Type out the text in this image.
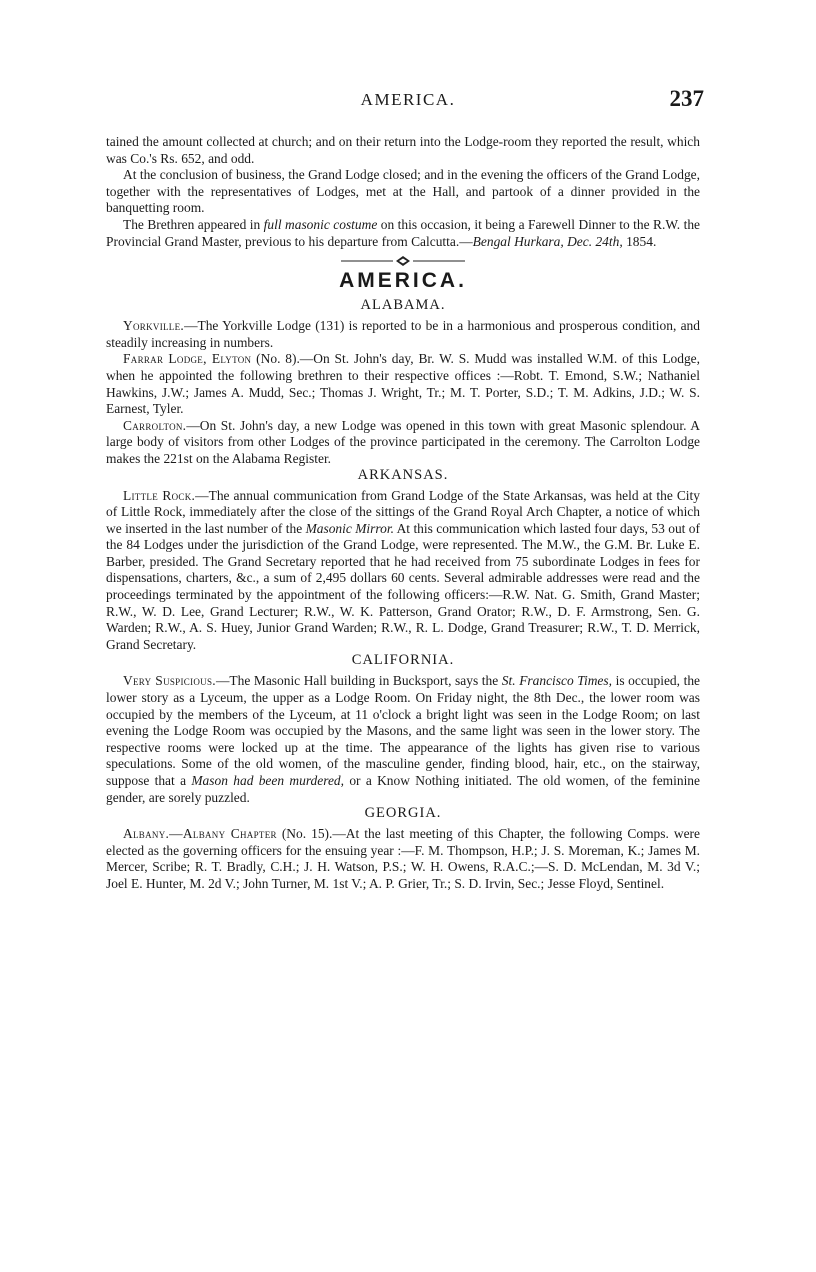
AMERICA.	237

tained the amount collected at church; and on their return into the Lodge-room they reported the result, which was Co.'s Rs. 652, and odd.

At the conclusion of business, the Grand Lodge closed; and in the evening the officers of the Grand Lodge, together with the representatives of Lodges, met at the Hall, and partook of a dinner provided in the banquetting room.

The Brethren appeared in full masonic costume on this occasion, it being a Farewell Dinner to the R.W. the Provincial Grand Master, previous to his departure from Calcutta.—Bengal Hurkara, Dec. 24th, 1854.

AMERICA.
ALABAMA.

Yorkville.—The Yorkville Lodge (131) is reported to be in a harmonious and prosperous condition, and steadily increasing in numbers.

Farrar Lodge, Elyton (No. 8).—On St. John's day, Br. W. S. Mudd was installed W.M. of this Lodge, when he appointed the following brethren to their respective offices :—Robt. T. Emond, S.W.; Nathaniel Hawkins, J.W.; James A. Mudd, Sec.; Thomas J. Wright, Tr.; M. T. Porter, S.D.; T. M. Adkins, J.D.; W. S. Earnest, Tyler.

Carrolton.—On St. John's day, a new Lodge was opened in this town with great Masonic splendour. A large body of visitors from other Lodges of the province participated in the ceremony. The Carrolton Lodge makes the 221st on the Alabama Register.

ARKANSAS.

Little Rock.—The annual communication from Grand Lodge of the State Arkansas, was held at the City of Little Rock, immediately after the close of the sittings of the Grand Royal Arch Chapter, a notice of which we inserted in the last number of the Masonic Mirror. At this communication which lasted four days, 53 out of the 84 Lodges under the jurisdiction of the Grand Lodge, were represented. The M.W., the G.M. Br. Luke E. Barber, presided. The Grand Secretary reported that he had received from 75 subordinate Lodges in fees for dispensations, charters, &c., a sum of 2,495 dollars 60 cents. Several admirable addresses were read and the proceedings terminated by the appointment of the following officers:—R.W. Nat. G. Smith, Grand Master; R.W., W. D. Lee, Grand Lecturer; R.W., W. K. Patterson, Grand Orator; R.W., D. F. Armstrong, Sen. G. Warden; R.W., A. S. Huey, Junior Grand Warden; R.W., R. L. Dodge, Grand Treasurer; R.W., T. D. Merrick, Grand Secretary.

CALIFORNIA.

Very Suspicious.—The Masonic Hall building in Bucksport, says the St. Francisco Times, is occupied, the lower story as a Lyceum, the upper as a Lodge Room. On Friday night, the 8th Dec., the lower room was occupied by the members of the Lyceum, at 11 o'clock a bright light was seen in the Lodge Room; on last evening the Lodge Room was occupied by the Masons, and the same light was seen in the lower story. The respective rooms were locked up at the time. The appearance of the lights has given rise to various speculations. Some of the old women, of the masculine gender, finding blood, hair, etc., on the stairway, suppose that a Mason had been murdered, or a Know Nothing initiated. The old women, of the feminine gender, are sorely puzzled.

GEORGIA.

Albany.—Albany Chapter (No. 15).—At the last meeting of this Chapter, the following Comps. were elected as the governing officers for the ensuing year :—F. M. Thompson, H.P.; J. S. Moreman, K.; James M. Mercer, Scribe; R. T. Bradly, C.H.; J. H. Watson, P.S.; W. H. Owens, R.A.C.;—S. D. McLendan, M. 3d V.; Joel E. Hunter, M. 2d V.; John Turner, M. 1st V.; A. P. Grier, Tr.; S. D. Irvin, Sec.; Jesse Floyd, Sentinel.
